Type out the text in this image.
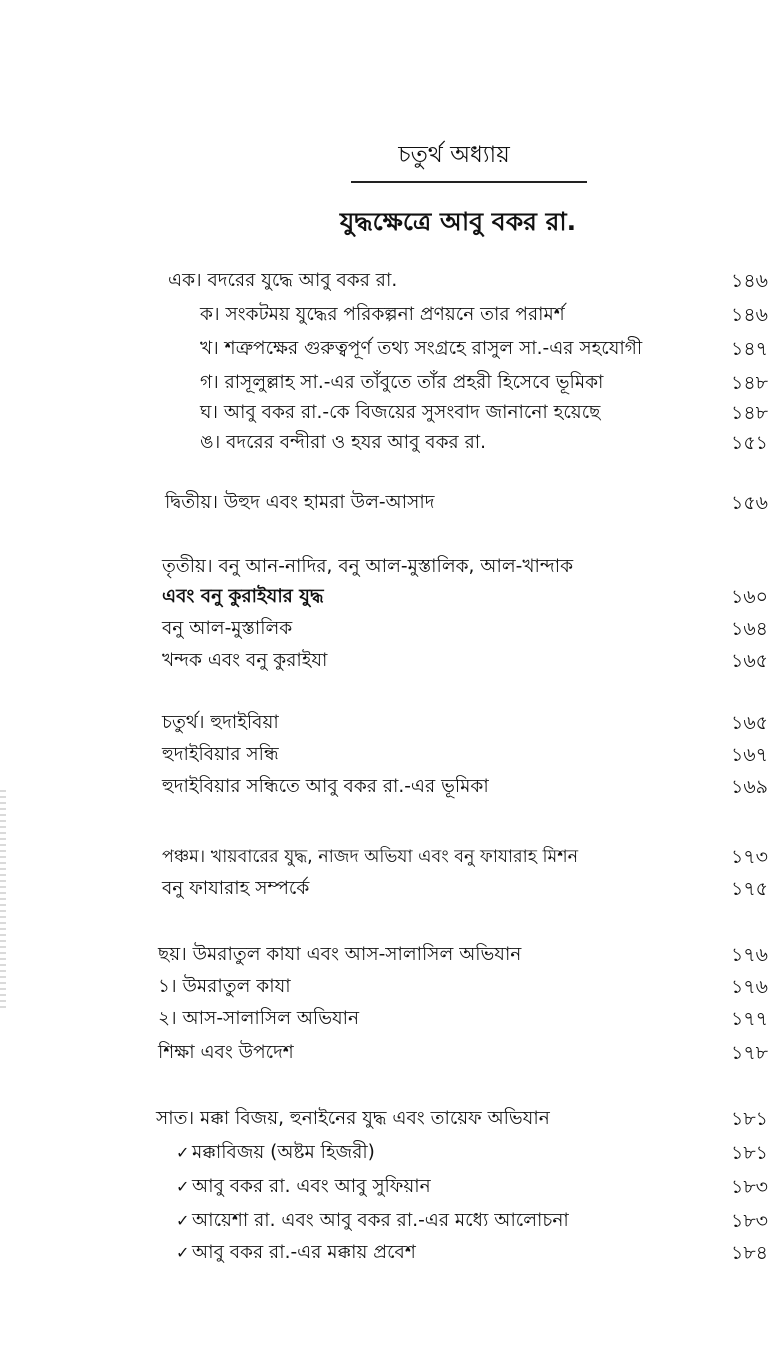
চতুর্থ অধ্যায়
যুদ্ধক্ষেত্রে আবু বকর রা.
এক। বদরের যুদ্ধে আবু বকর রা.	১৪৬
ক। সংকটময় যুদ্ধের পরিকল্পনা প্রণয়নে তার পরামর্শ	১৪৬
খ। শত্রুপক্ষের গুরুত্বপূর্ণ তথ্য সংগ্রহে রাসুল সা.-এর সহযোগী	১৪৭
গ। রাসূলুল্লাহ সা.-এর তাঁবুতে তাঁর প্রহরী হিসেবে ভূমিকা	১৪৮
ঘ। আবু বকর রা.-কে বিজয়ের সুসংবাদ জানানো হয়েছে	১৪৮
ঙ। বদরের বন্দীরা ও হযর আবু বকর রা.	১৫১
দ্বিতীয়। উহুদ এবং হামরা উল-আসাদ	১৫৬
তৃতীয়। বনু আন-নাদির, বনু আল-মুস্তালিক, আল-খান্দাক
এবং বনু কুরাইযার যুদ্ধ	১৬০
বনু আল-মুস্তালিক	১৬৪
খন্দক এবং বনু কুরাইযা	১৬৫
চতুর্থ। হুদাইবিয়া	১৬৫
হুদাইবিয়ার সন্ধি	১৬৭
হুদাইবিয়ার সন্ধিতে আবু বকর রা.-এর ভূমিকা	১৬৯
পঞ্চম। খায়বারের যুদ্ধ, নাজদ অভিযা এবং বনু ফাযারাহ মিশন	১৭৩
বনু ফাযারাহ সম্পর্কে	১৭৫
ছয়। উমরাতুল কাযা এবং আস-সালাসিল অভিযান	১৭৬
১। উমরাতুল কাযা	১৭৬
২। আস-সালাসিল অভিযান	১৭৭
শিক্ষা এবং উপদেশ	১৭৮
সাত। মক্কা বিজয়, হুনাইনের যুদ্ধ এবং তায়েফ অভিযান	১৮১
✓ মক্কাবিজয় (অষ্টম হিজরী)	১৮১
✓ আবু বকর রা. এবং আবু সুফিয়ান	১৮৩
✓ আয়েশা রা. এবং আবু বকর রা.-এর মধ্যে আলোচনা	১৮৩
✓ আবু বকর রা.-এর মক্কায় প্রবেশ	১৮৪
